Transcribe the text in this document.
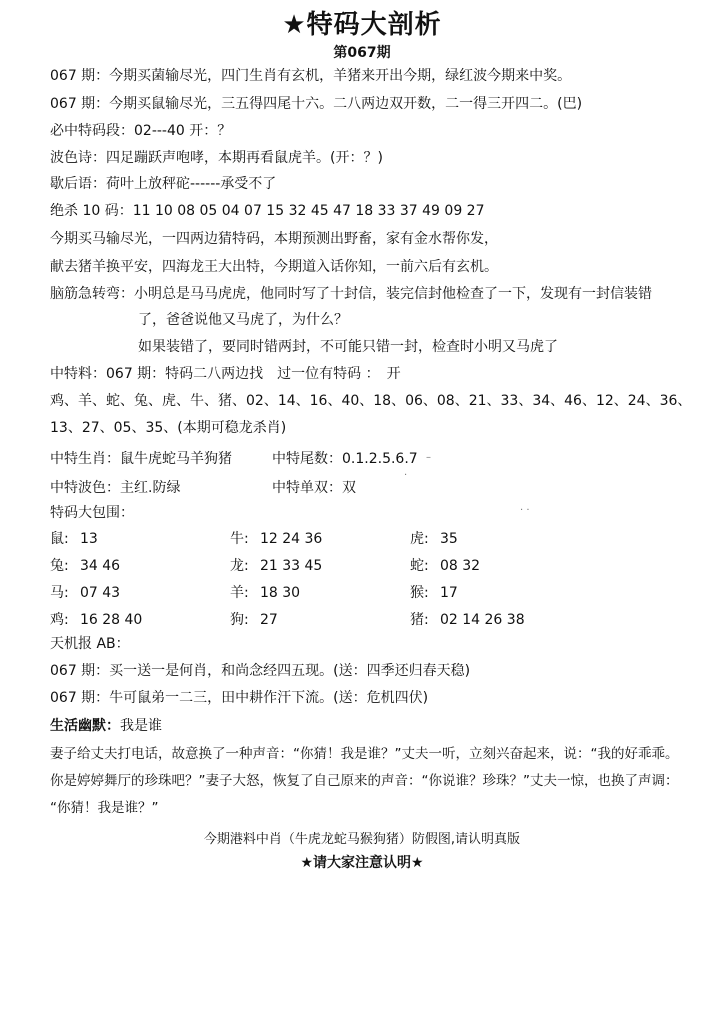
★特码大剖析
第067期
067 期：今期买菌输尽光，四门生肖有玄机，羊猪来开出今期，绿红波今期来中奖。
067 期：今期买鼠输尽光，三五得四尾十六。二八两边双开数，二一得三开四二。(巴)
必中特码段：02---40 开：？
波色诗：四足蹦跃声咆哮，本期再看鼠虎羊。(开：？)
歇后语：荷叶上放秤砣------承受不了
绝杀 10 码：11 10 08 05 04 07 15 32 45 47 18 33 37 49 09 27
今期买马输尽光，一四两边猜特码，本期预测出野畜，家有金水帮你发，
献去猪羊换平安，四海龙王大出特，今期道入话你知，一前六后有玄机。
脑筋急转弯：小明总是马马虎虎，他同时写了十封信，装完信封他检查了一下，发现有一封信装错
了，爸爸说他又马虎了，为什么？
如果装错了，要同时错两封，不可能只错一封，检查时小明又马虎了
中特料：067 期：特码二八两边找　过一位有特码 ：　开
鸡、羊、蛇、兔、虎、牛、猪、02、14、16、40、18、06、08、21、33、34、46、12、24、36、
13、27、05、35、(本期可稳龙杀肖)
中特生肖：鼠牛虎蛇马羊狗猪	中特尾数：0.1.2.5.6.7 –
中特波色：主红.防绿	中特单双：双
·
· ·
特码大包围：
鼠: 13	牛: 12 24 36	虎: 35
兔: 34 46	龙: 21 33 45	蛇: 08 32
马: 07 43	羊: 18 30	猴: 17
鸡: 16 28 40	狗: 27	猪: 02 14 26 38
天机报 AB：
067 期：买一送一是何肖，和尚念经四五现。(送：四季还归春天稳)
067 期：牛可鼠弟一二三，田中耕作汗下流。(送：危机四伏)
生活幽默：我是谁
妻子给丈夫打电话，故意换了一种声音：“你猜！我是谁？”丈夫一听，立刻兴奋起来，说：“我的好乖乖。
你是婷婷舞厅的珍珠吧？”妻子大怒，恢复了自己原来的声音：“你说谁？珍珠？”丈夫一惊，也换了声调：
“你猜！我是谁？”
今期港料中肖（牛虎龙蛇马猴狗猪）防假图,请认明真版
★请大家注意认明★
